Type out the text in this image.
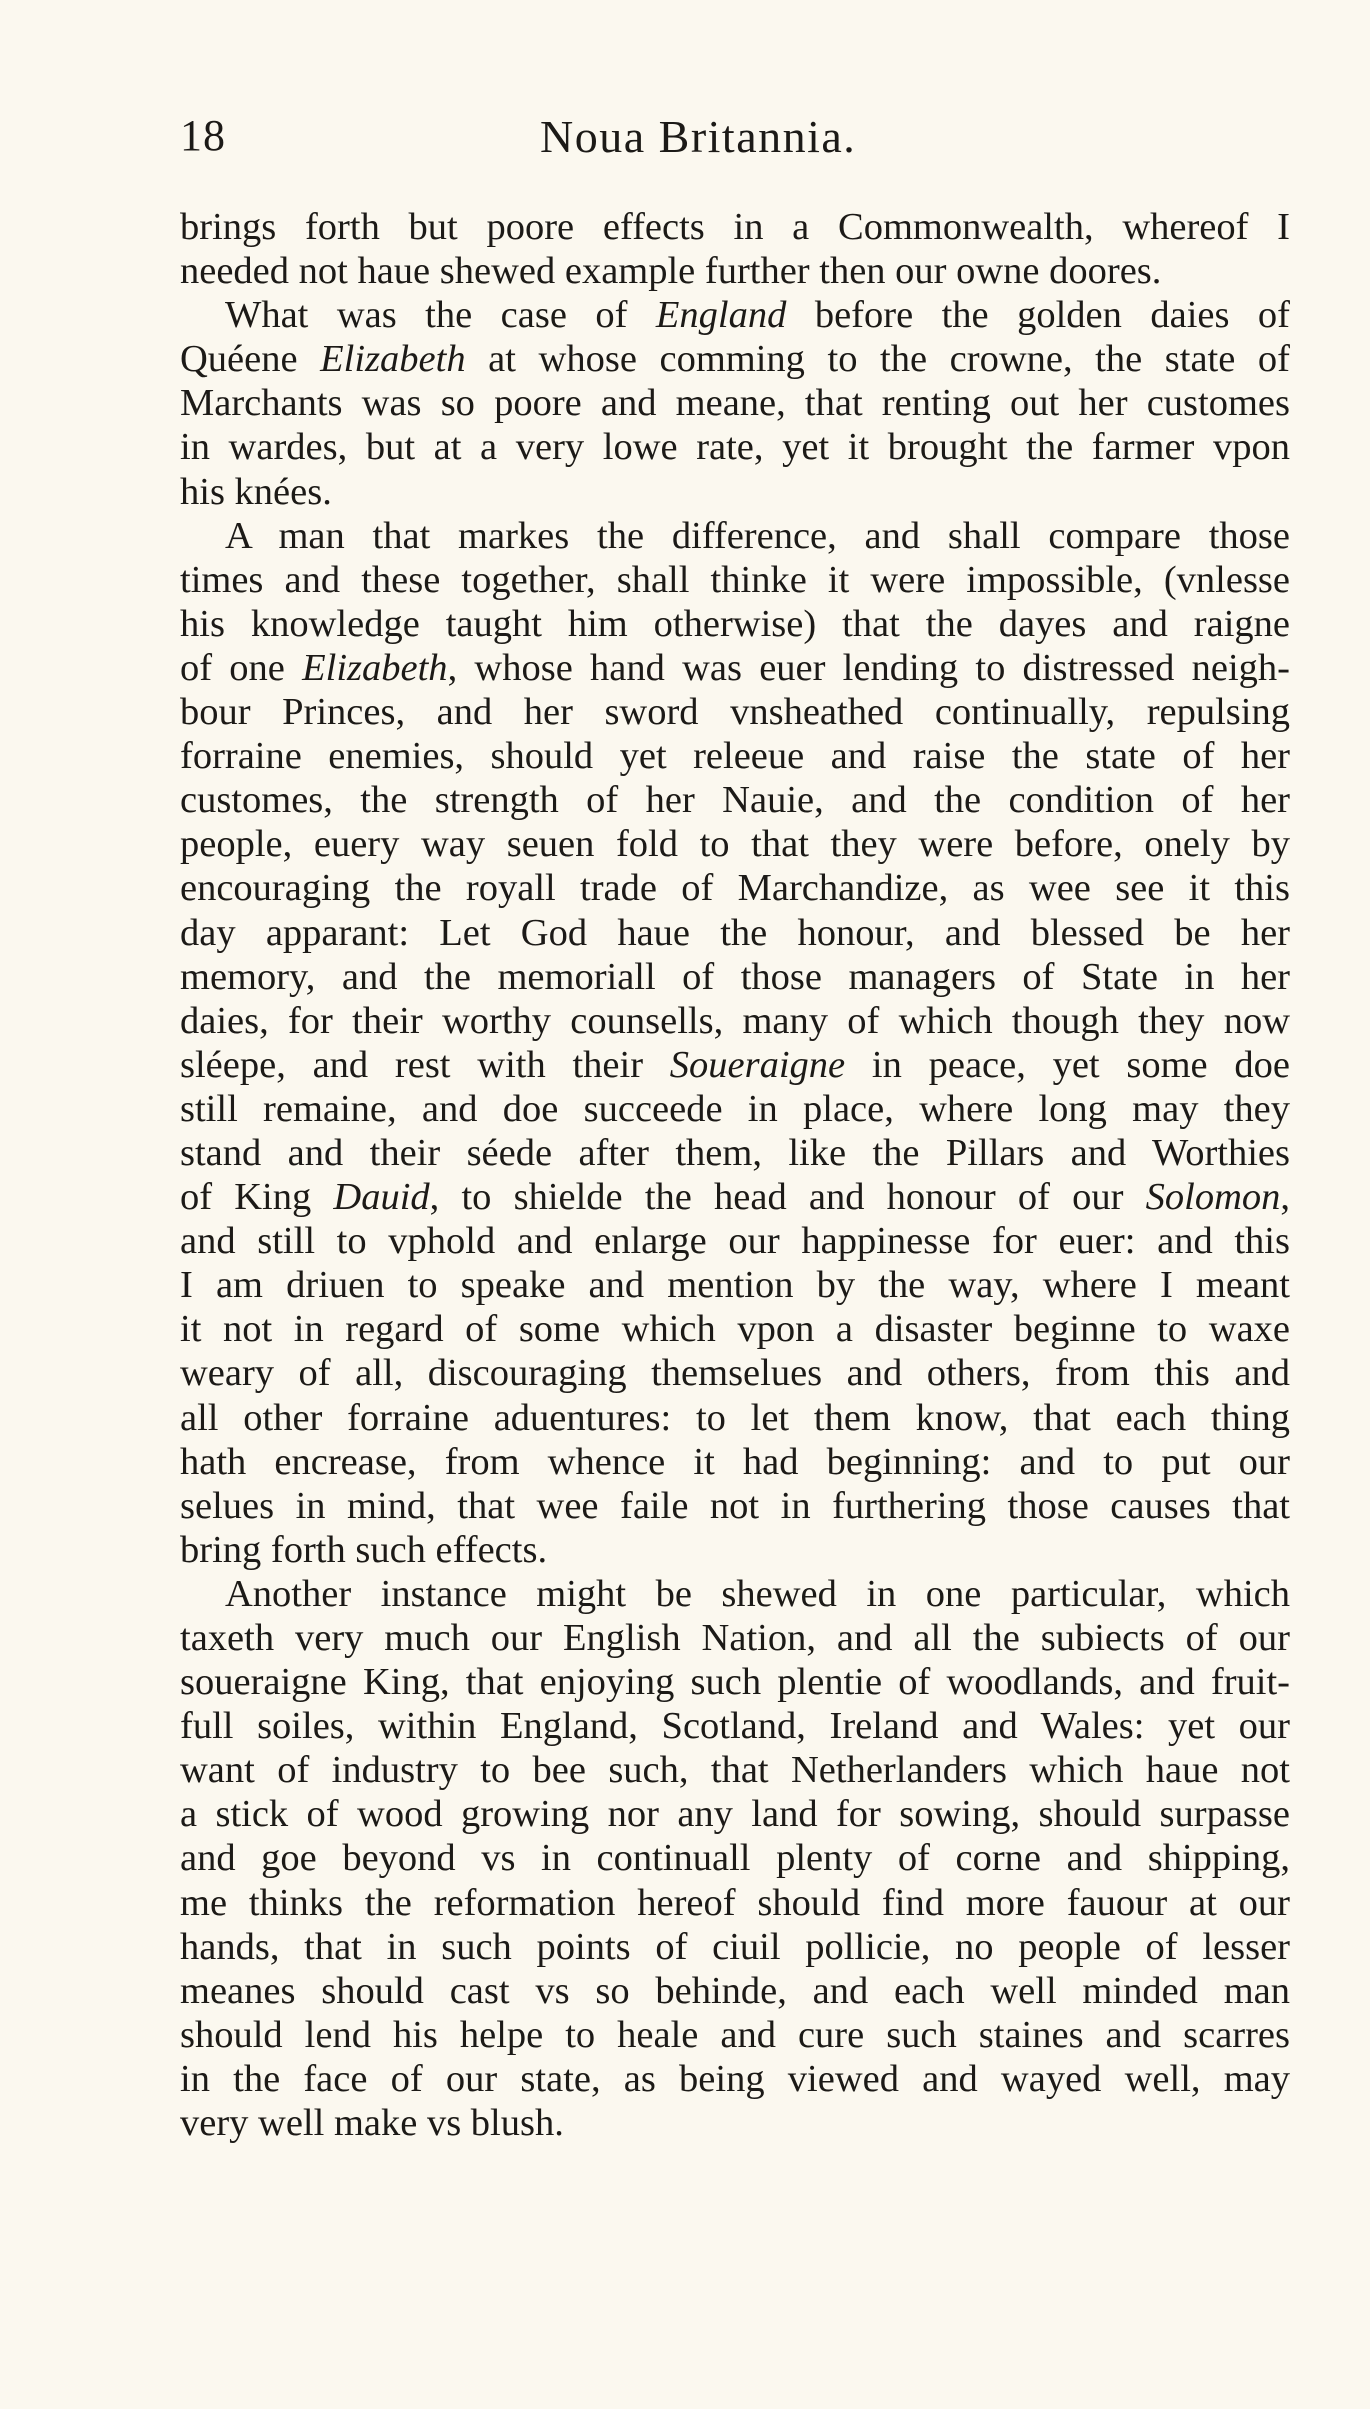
18	Noua Britannia.
brings forth but poore effects in a Commonwealth, whereof I
needed not haue shewed example further then our owne doores.
What was the case of England before the golden daies of
Quéene Elizabeth at whose comming to the crowne, the state of
Marchants was so poore and meane, that renting out her customes
in wardes, but at a very lowe rate, yet it brought the farmer vpon
his knées.
A man that markes the difference, and shall compare those
times and these together, shall thinke it were impossible, (vnlesse
his knowledge taught him otherwise) that the dayes and raigne
of one Elizabeth, whose hand was euer lending to distressed neigh-
bour Princes, and her sword vnsheathed continually, repulsing
forraine enemies, should yet releeue and raise the state of her
customes, the strength of her Nauie, and the condition of her
people, euery way seuen fold to that they were before, onely by
encouraging the royall trade of Marchandize, as wee see it this
day apparant: Let God haue the honour, and blessed be her
memory, and the memoriall of those managers of State in her
daies, for their worthy counsells, many of which though they now
sléepe, and rest with their Soueraigne in peace, yet some doe
still remaine, and doe succeede in place, where long may they
stand and their séede after them, like the Pillars and Worthies
of King Dauid, to shielde the head and honour of our Solomon,
and still to vphold and enlarge our happinesse for euer: and this
I am driuen to speake and mention by the way, where I meant
it not in regard of some which vpon a disaster beginne to waxe
weary of all, discouraging themselues and others, from this and
all other forraine aduentures: to let them know, that each thing
hath encrease, from whence it had beginning: and to put our
selues in mind, that wee faile not in furthering those causes that
bring forth such effects.
Another instance might be shewed in one particular, which
taxeth very much our English Nation, and all the subiects of our
soueraigne King, that enjoying such plentie of woodlands, and fruit-
full soiles, within England, Scotland, Ireland and Wales: yet our
want of industry to bee such, that Netherlanders which haue not
a stick of wood growing nor any land for sowing, should surpasse
and goe beyond vs in continuall plenty of corne and shipping,
me thinks the reformation hereof should find more fauour at our
hands, that in such points of ciuil pollicie, no people of lesser
meanes should cast vs so behinde, and each well minded man
should lend his helpe to heale and cure such staines and scarres
in the face of our state, as being viewed and wayed well, may
very well make vs blush.
